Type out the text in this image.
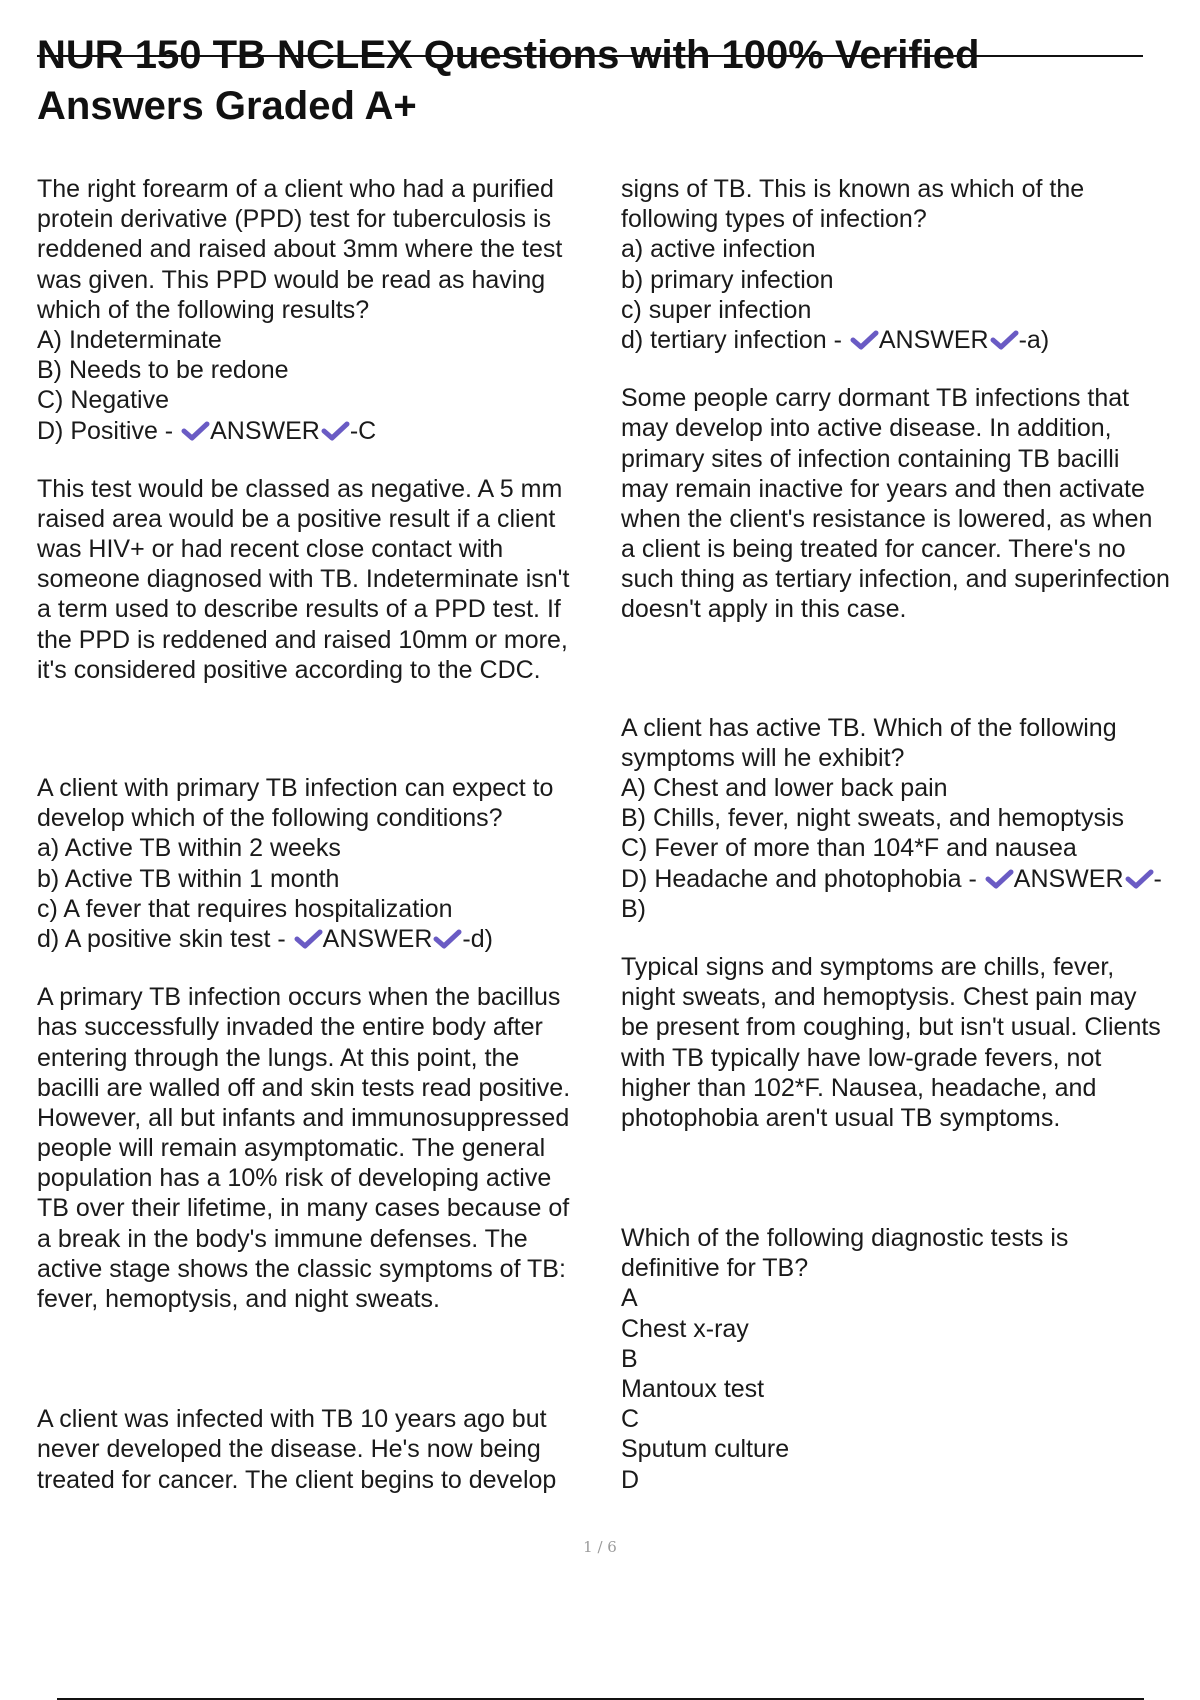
NUR 150 TB NCLEX Questions with 100% Verified
Answers Graded A+
The right forearm of a client who had a purified
protein derivative (PPD) test for tuberculosis is
reddened and raised about 3mm where the test
was given. This PPD would be read as having
which of the following results?
A) Indeterminate
B) Needs to be redone
C) Negative
D) Positive -
ANSWER -C
This test would be classed as negative. A 5 mm
raised area would be a positive result if a client
was HIV+ or had recent close contact with
someone diagnosed with TB. Indeterminate isn't
a term used to describe results of a PPD test. If
the PPD is reddened and raised 10mm or more,
it's considered positive according to the CDC.
A client with primary TB infection can expect to
develop which of the following conditions?
a) Active TB within 2 weeks
b) Active TB within 1 month
c) A fever that requires hospitalization
d) A positive skin test -
ANSWER -d)
A primary TB infection occurs when the bacillus
has successfully invaded the entire body after
entering through the lungs. At this point, the
bacilli are walled off and skin tests read positive.
However, all but infants and immunosuppressed
people will remain asymptomatic. The general
population has a 10% risk of developing active
TB over their lifetime, in many cases because of
a break in the body's immune defenses. The
active stage shows the classic symptoms of TB:
fever, hemoptysis, and night sweats.
A client was infected with TB 10 years ago but
never developed the disease. He's now being
treated for cancer. The client begins to develop
signs of TB. This is known as which of the
following types of infection?
a) active infection
b) primary infection
c) super infection
d) tertiary infection -
ANSWER -a)
Some people carry dormant TB infections that
may develop into active disease. In addition,
primary sites of infection containing TB bacilli
may remain inactive for years and then activate
when the client's resistance is lowered, as when
a client is being treated for cancer. There's no
such thing as tertiary infection, and superinfection
doesn't apply in this case.
A client has active TB. Which of the following
symptoms will he exhibit?
A) Chest and lower back pain
B) Chills, fever, night sweats, and hemoptysis
C) Fever of more than 104*F and nausea
D) Headache and photophobia -
ANSWER -
B)
Typical signs and symptoms are chills, fever,
night sweats, and hemoptysis. Chest pain may
be present from coughing, but isn't usual. Clients
with TB typically have low-grade fevers, not
higher than 102*F. Nausea, headache, and
photophobia aren't usual TB symptoms.
Which of the following diagnostic tests is
definitive for TB?
A
Chest x-ray
B
Mantoux test
C
Sputum culture
D
1 / 6
